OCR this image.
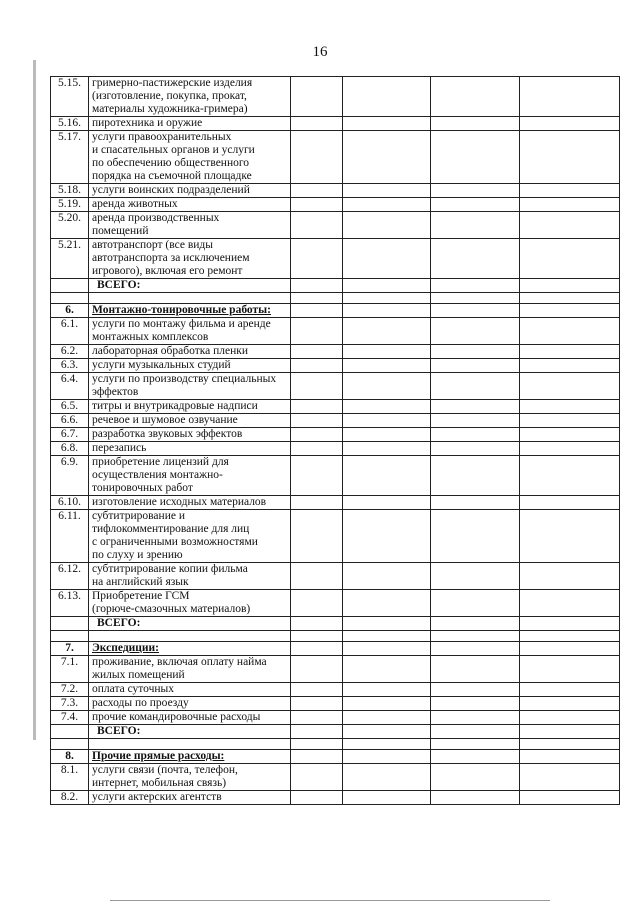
16
5.15.	гримерно-пастижерские изделия
(изготовление, покупка, прокат,
материалы художника-гримера)				
5.16.	пиротехника и оружие				
5.17.	услуги правоохранительных
и спасательных органов и услуги
по обеспечению общественного
порядка на съемочной площадке				
5.18.	услуги воинских подразделений				
5.19.	аренда животных				
5.20.	аренда производственных
помещений				
5.21.	автотранспорт (все виды
автотранспорта за исключением
игрового), включая его ремонт				
	ВСЕГО:				

6.	Монтажно-тонировочные работы:				
6.1.	услуги по монтажу фильма и аренде
монтажных комплексов				
6.2.	лабораторная обработка пленки				
6.3.	услуги музыкальных студий				
6.4.	услуги по производству специальных
эффектов				
6.5.	титры и внутрикадровые надписи				
6.6.	речевое и шумовое озвучание				
6.7.	разработка звуковых эффектов				
6.8.	перезапись				
6.9.	приобретение лицензий для
осуществления монтажно-
тонировочных работ				
6.10.	изготовление исходных материалов				
6.11.	субтитрирование и
тифлокомментирование для лиц
с ограниченными возможностями
по слуху и зрению				
6.12.	субтитрирование копии фильма
на английский язык				
6.13.	Приобретение ГСМ
(горюче-смазочных материалов)				
	ВСЕГО:				

7.	Экспедиции:				
7.1.	проживание, включая оплату найма
жилых помещений				
7.2.	оплата суточных				
7.3.	расходы по проезду				
7.4.	прочие командировочные расходы				
	ВСЕГО:				

8.	Прочие прямые расходы:				
8.1.	услуги связи (почта, телефон,
интернет, мобильная связь)				
8.2.	услуги актерских агентств				
